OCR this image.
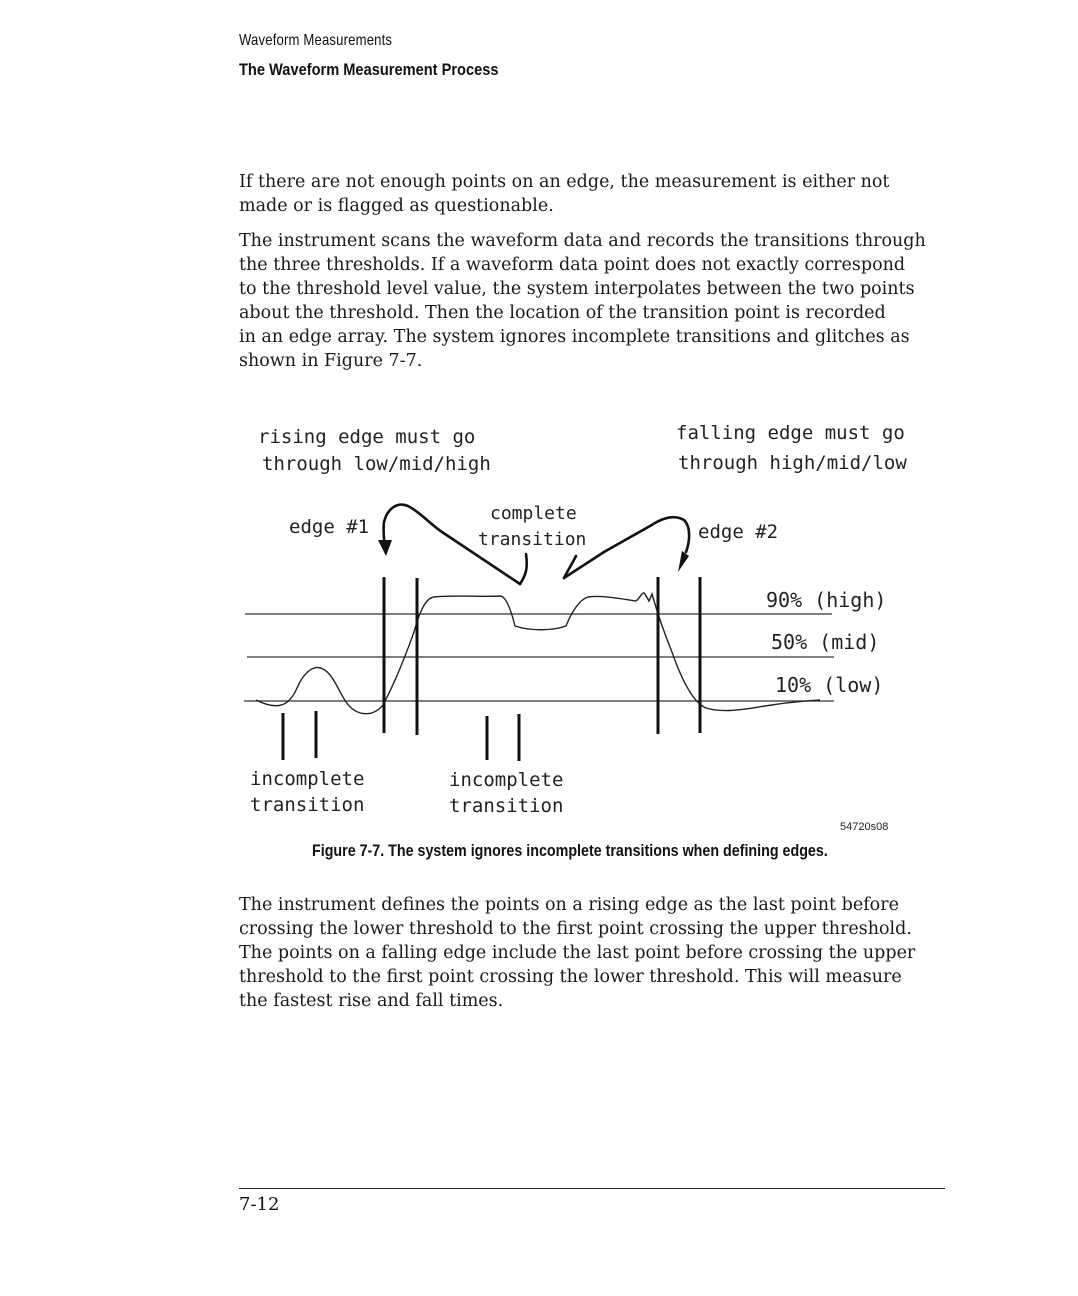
Waveform Measurements
The Waveform Measurement Process

If there are not enough points on an edge, the measurement is either not
made or is flagged as questionable.

The instrument scans the waveform data and records the transitions through
the three thresholds. If a waveform data point does not exactly correspond
to the threshold level value, the system interpolates between the two points
about the threshold. Then the location of the transition point is recorded
in an edge array. The system ignores incomplete transitions and glitches as
shown in Figure 7-7.

rising edge must go
through low/mid/high
falling edge must go
through high/mid/low
edge #1	edge #2
complete
transition
90% (high)
50% (mid)
10% (low)
incomplete
transition
incomplete
transition
54720s08
Figure 7-7. The system ignores incomplete transitions when defining edges.

The instrument defines the points on a rising edge as the last point before
crossing the lower threshold to the first point crossing the upper threshold.
The points on a falling edge include the last point before crossing the upper
threshold to the first point crossing the lower threshold. This will measure
the fastest rise and fall times.

7-12
